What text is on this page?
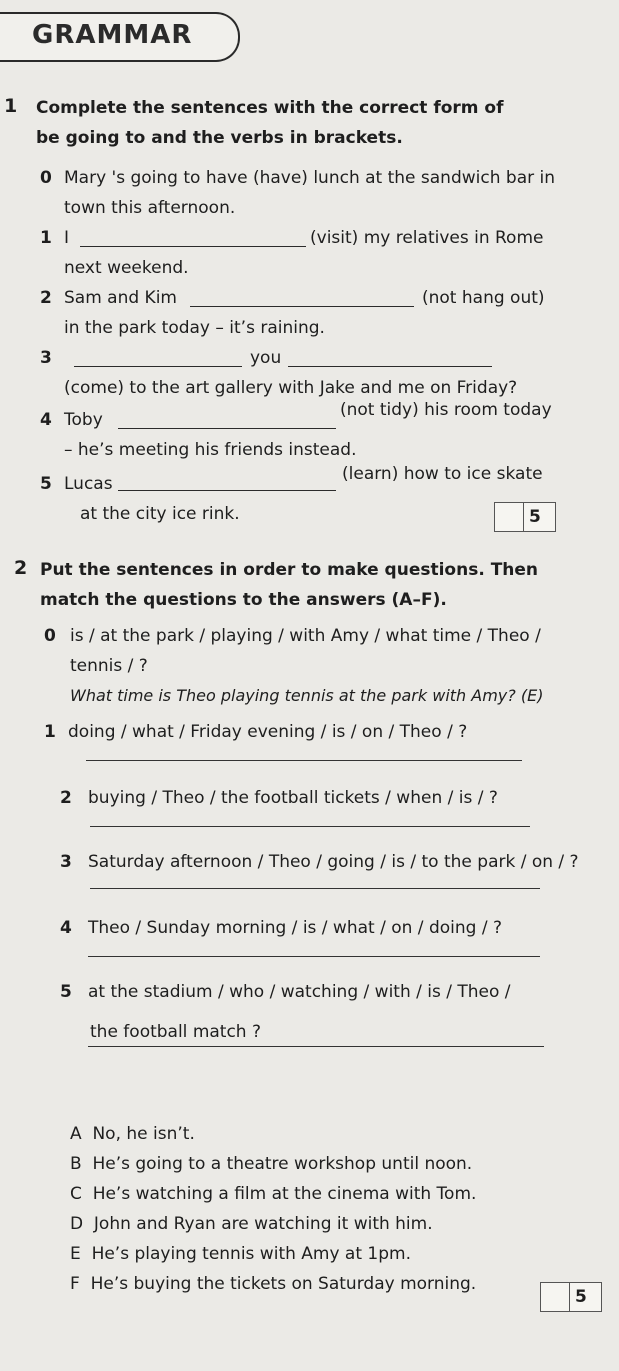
GRAMMAR
1 Complete the sentences with the correct form of
be going to and the verbs in brackets.
0 Mary 's going to have (have) lunch at the sandwich bar in
town this afternoon.
1 I	(visit) my relatives in Rome
next weekend.
2 Sam and Kim	(not hang out)
in the park today – it’s raining.
3	you
(come) to the art gallery with Jake and me on Friday?
4 Toby	(not tidy) his room today
– he’s meeting his friends instead.
5 Lucas	(learn) how to ice skate
at the city ice rink.	5
2 Put the sentences in order to make questions. Then
match the questions to the answers (A–F).
0 is / at the park / playing / with Amy / what time / Theo /
tennis / ?
What time is Theo playing tennis at the park with Amy? (E)
1 doing / what / Friday evening / is / on / Theo / ?
2 buying / Theo / the football tickets / when / is / ?
3 Saturday afternoon / Theo / going / is / to the park / on / ?
4 Theo / Sunday morning / is / what / on / doing / ?
5 at the stadium / who / watching / with / is / Theo /
the football match ?
A No, he isn’t.
B He’s going to a theatre workshop until noon.
C He’s watching a film at the cinema with Tom.
D John and Ryan are watching it with him.
E He’s playing tennis with Amy at 1pm.
F He’s buying the tickets on Saturday morning.
5
